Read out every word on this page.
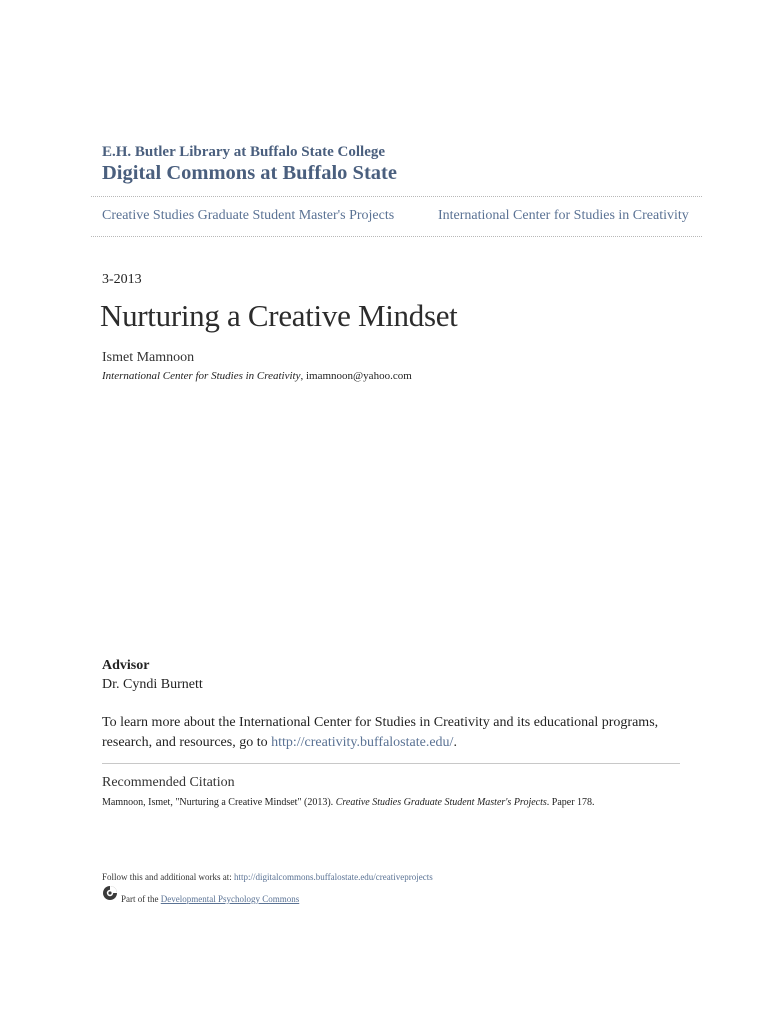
E.H. Butler Library at Buffalo State College
Digital Commons at Buffalo State
Creative Studies Graduate Student Master's Projects	International Center for Studies in Creativity
3-2013
Nurturing a Creative Mindset
Ismet Mamnoon
International Center for Studies in Creativity, imamnoon@yahoo.com
Advisor
Dr. Cyndi Burnett
To learn more about the International Center for Studies in Creativity and its educational programs, research, and resources, go to http://creativity.buffalostate.edu/.
Recommended Citation
Mamnoon, Ismet, "Nurturing a Creative Mindset" (2013). Creative Studies Graduate Student Master's Projects. Paper 178.
Follow this and additional works at: http://digitalcommons.buffalostate.edu/creativeprojects
Part of the Developmental Psychology Commons
